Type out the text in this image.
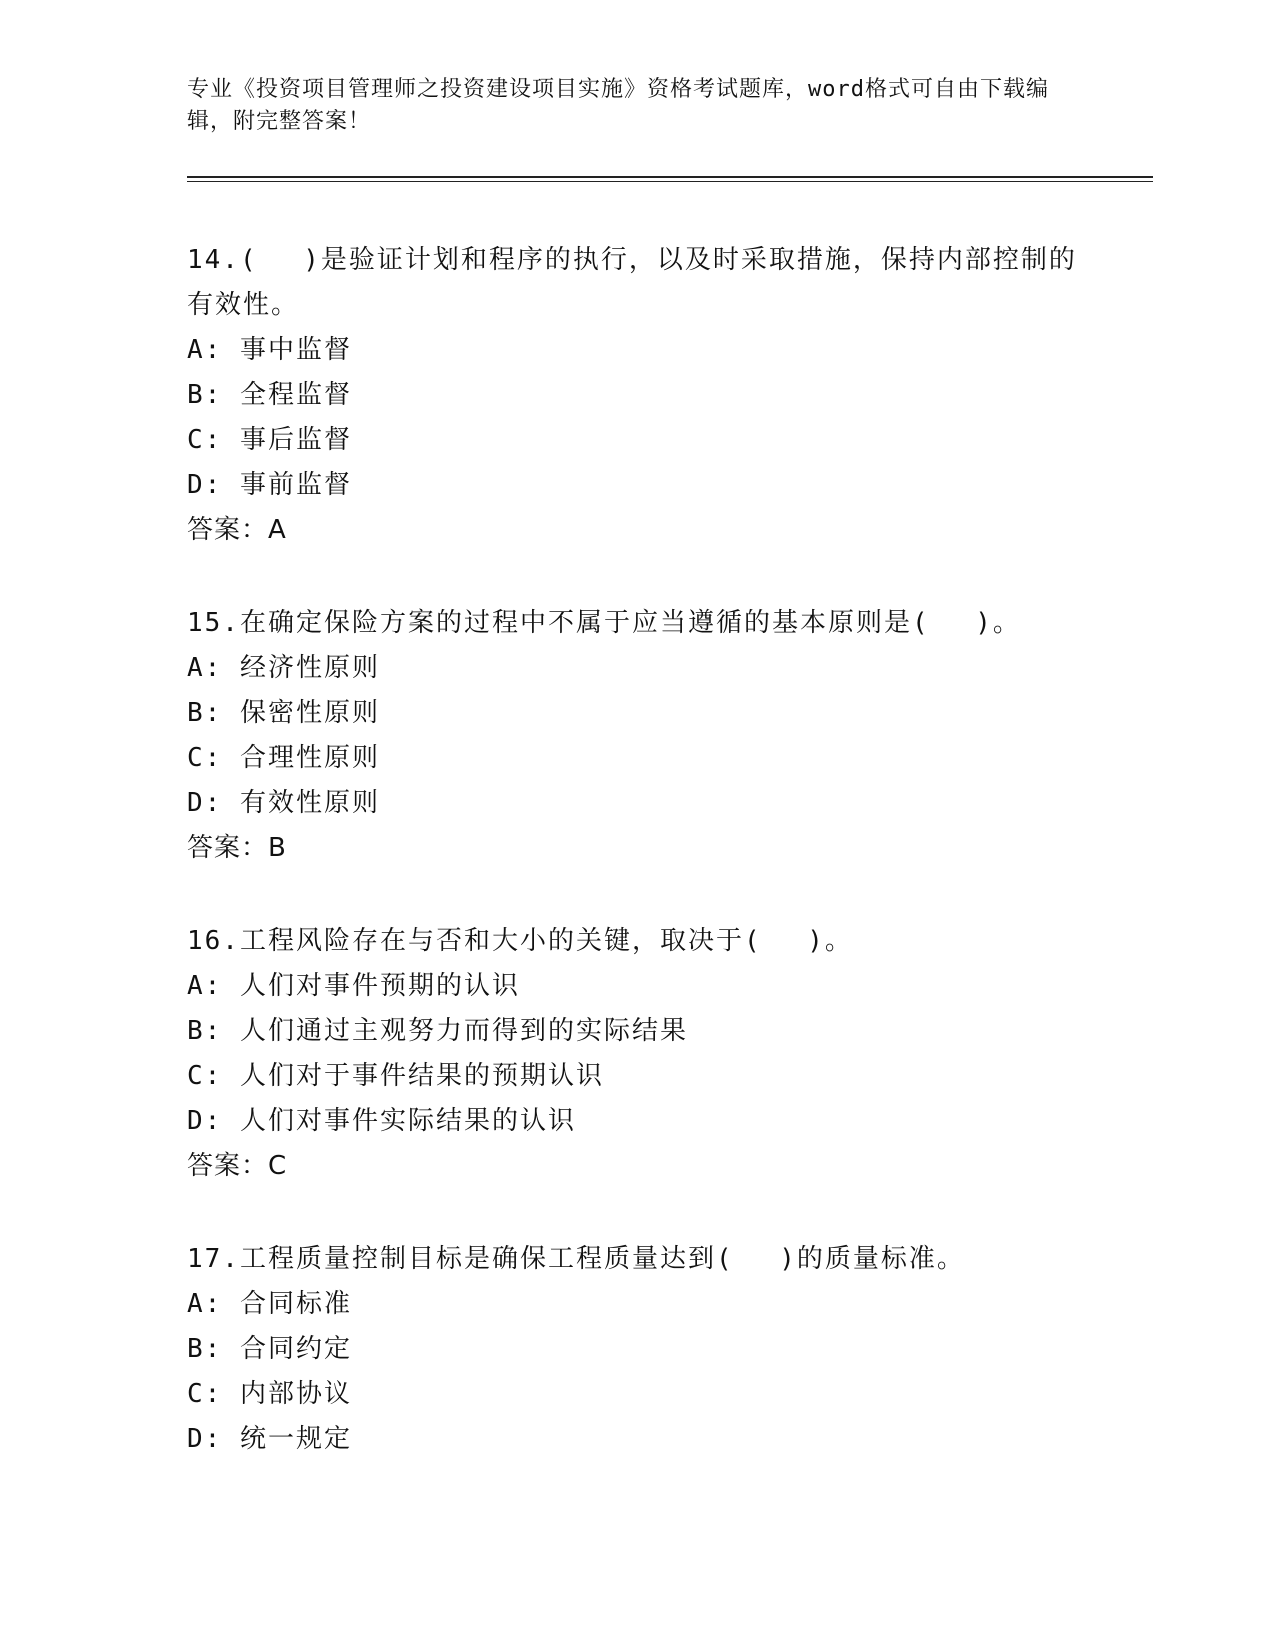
专业《投资项目管理师之投资建设项目实施》资格考试题库，word格式可自由下载编辑，附完整答案！

14.(　 )是验证计划和程序的执行，以及时采取措施，保持内部控制的有效性。

A: 事中监督

B: 全程监督

C: 事后监督

D: 事前监督

答案：A

15.在确定保险方案的过程中不属于应当遵循的基本原则是(　 )。

A: 经济性原则

B: 保密性原则

C: 合理性原则

D: 有效性原则

答案：B

16.工程风险存在与否和大小的关键，取决于(　 )。

A: 人们对事件预期的认识

B: 人们通过主观努力而得到的实际结果

C: 人们对于事件结果的预期认识

D: 人们对事件实际结果的认识

答案：C

17.工程质量控制目标是确保工程质量达到(　 )的质量标准。

A: 合同标准

B: 合同约定

C: 内部协议

D: 统一规定
